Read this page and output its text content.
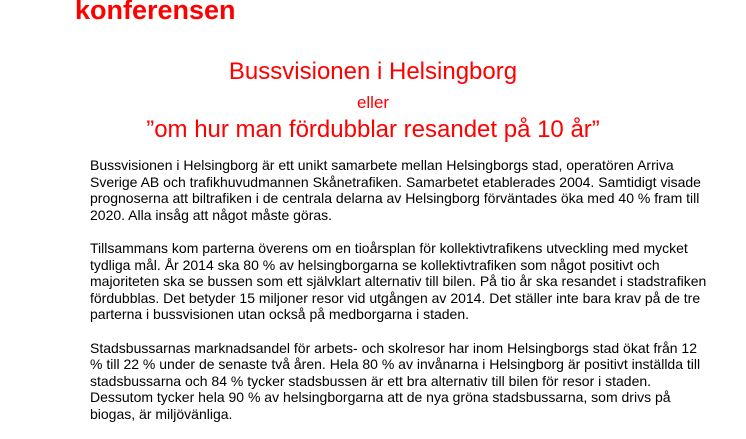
konferensen
Bussvisionen i Helsingborg
eller
”om hur man fördubblar resandet på 10 år”

Bussvisionen i Helsingborg är ett unikt samarbete mellan Helsingborgs stad, operatören Arriva Sverige AB och trafikhuvudmannen Skånetrafiken. Samarbetet etablerades 2004. Samtidigt visade prognoserna att biltrafiken i de centrala delarna av Helsingborg förväntades öka med 40 % fram till 2020. Alla insåg att något måste göras.

Tillsammans kom parterna överens om en tioårsplan för kollektivtrafikens utveckling med mycket tydliga mål. År 2014 ska 80 % av helsingborgarna se kollektivtrafiken som något positivt och majoriteten ska se bussen som ett självklart alternativ till bilen. På tio år ska resandet i stadstrafiken fördubblas. Det betyder 15 miljoner resor vid utgången av 2014. Det ställer inte bara krav på de tre parterna i bussvisionen utan också på medborgarna i staden.

Stadsbussarnas marknadsandel för arbets- och skolresor har inom Helsingborgs stad ökat från 12 % till 22 % under de senaste två åren. Hela 80 % av invånarna i Helsingborg är positivt inställda till stadsbussarna och 84 % tycker stadsbussen är ett bra alternativ till bilen för resor i staden. Dessutom tycker hela 90 % av helsingborgarna att de nya gröna stadsbussarna, som drivs på biogas, är miljövänliga.
